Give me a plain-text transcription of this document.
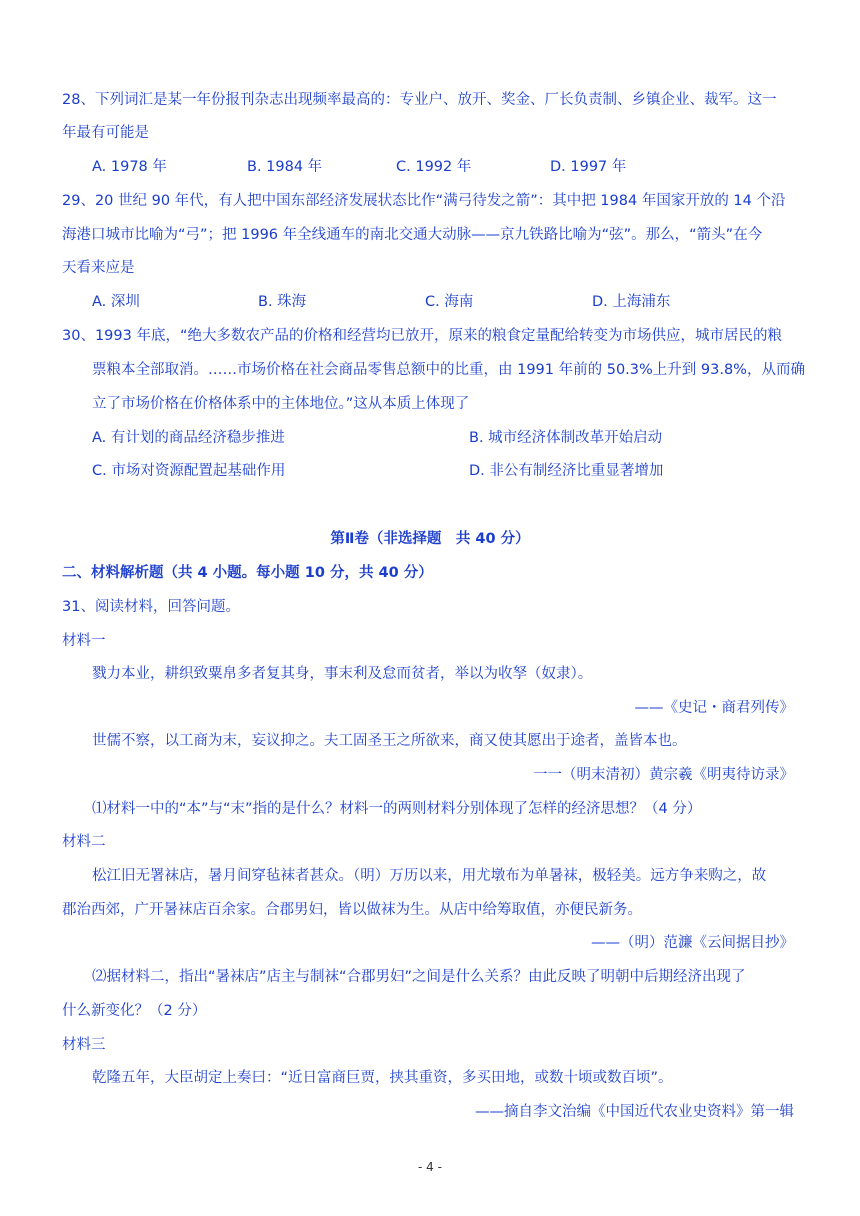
28、下列词汇是某一年份报刊杂志出现频率最高的：专业户、放开、奖金、厂长负责制、乡镇企业、裁军。这一
年最有可能是
A. 1978 年	B. 1984 年	C. 1992 年	D. 1997 年
29、20 世纪 90 年代，有人把中国东部经济发展状态比作“满弓待发之箭”：其中把 1984 年国家开放的 14 个沿
海港口城市比喻为“弓”；把 1996 年全线通车的南北交通大动脉——京九铁路比喻为“弦”。那么，“箭头”在今
天看来应是
A. 深圳	B. 珠海	C. 海南	D. 上海浦东
30、1993 年底，“绝大多数农产品的价格和经营均已放开，原来的粮食定量配给转变为市场供应，城市居民的粮
票粮本全部取消。……市场价格在社会商品零售总额中的比重，由 1991 年前的 50.3%上升到 93.8%，从而确
立了市场价格在价格体系中的主体地位。”这从本质上体现了
A. 有计划的商品经济稳步推进	B. 城市经济体制改革开始启动
C. 市场对资源配置起基础作用	D. 非公有制经济比重显著增加
第Ⅱ卷（非选择题　共 40 分）
二、材料解析题（共 4 小题。每小题 10 分，共 40 分）
31、阅读材料，回答问题。
材料一
戮力本业，耕织致粟帛多者复其身，事末利及怠而贫者，举以为收孥（奴隶）。
——《史记・商君列传》
世儒不察，以工商为末，妄议抑之。夫工固圣王之所欲来，商又使其愿出于途者，盖皆本也。
一一（明末清初）黄宗羲《明夷待访录》
⑴材料一中的“本”与“末”指的是什么？材料一的两则材料分别体现了怎样的经济思想？（4 分）
材料二
松江旧无署袜店，暑月间穿毡袜者甚众。（明）万历以来，用尤墩布为单暑袜，极轻美。远方争来购之，故
郡治西郊，广开暑袜店百余家。合郡男妇，皆以做袜为生。从店中给筹取值，亦便民新务。
——（明）范濂《云间据目抄》
⑵据材料二，指出“暑袜店”店主与制袜“合郡男妇”之间是什么关系？由此反映了明朝中后期经济出现了
什么新变化？（2 分）
材料三
乾隆五年，大臣胡定上奏曰：“近日富商巨贾，挟其重资，多买田地，或数十顷或数百顷”。
——摘自李文治编《中国近代农业史资料》第一辑
- 4 -
